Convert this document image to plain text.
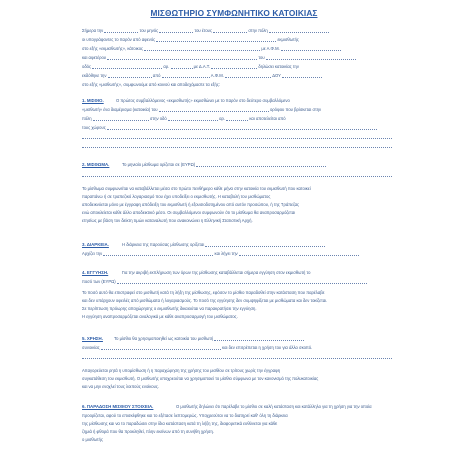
ΜΙΣΘΩΤΗΡΙΟ ΣΥΜΦΩΝΗΤΙΚΟ ΚΑΤΟΙΚΙΑΣ
Σήμερα την	του μηνός	του έτους	στην πόλη
οι υπογράφοντες το παρόν από αφενός	εκμισθωτής
στο εξής «εκμισθωτής», κάτοικος	με Α.Φ.Μ.
και αφετέρου	του
οδός	αρ.	με Δ.Α.Τ.	δηλώσει κατοικίας την
εκδόθηκε την	από	Α.Φ.Μ.	ΔΟΥ
στο εξής «μισθωτής», συμφωνούμε από κοινού και αποδεχόμαστε τα εξής:
1. ΜΙΣΘΙΟ.	Ο πρώτος συμβαλλόμενος «εκμισθωτής» εκμισθώνει με το παρόν στο δεύτερο συμβαλλόμενο
«μισθωτή» ένα διαμέρισμα (κατοικία) του	ορόφου που βρίσκεται στην
πόλη	στην οδό	αρ.	και αποτελείται από
τους χώρους
2. ΜΙΣΘΩΜΑ.	Το μηνιαίο μίσθωμα ορίζεται σε (ΕΥΡΩ)
Το μίσθωμα συμφωνείται να καταβάλλεται μέσα στο πρώτο πενθήμερο κάθε μήνα στην κατοικία του εκμισθωτή που κατοικεί
παραπάνω ή σε τραπεζικό λογαριασμό που έχει υποδείξει ο εκμισθωτής. Η καταβολή του μισθώματος
αποδεικνύεται μόνο με έγγραφη απόδειξη του εκμισθωτή ή εξουσιοδοτημένου από αυτόν προσώπου, ή της Τράπεζας
ενώ αποκλείεται κάθε άλλο αποδεικτικό μέσο. Οι συμβαλλόμενοι συμφωνούν ότι το μίσθωμα θα αναπροσαρμόζεται
ετησίως με βάση τον δείκτη τιμών καταναλωτή που ανακοινώνει η Ελληνική Στατιστική Αρχή.
3. ΔΙΑΡΚΕΙΑ.	Η διάρκεια της παρούσας μίσθωσης ορίζεται
Αρχίζει την	και λήγει την
4. ΕΓΓΥΗΣΗ.	Για την ακριβή εκπλήρωση των όρων της μίσθωσης καταβάλλεται σήμερα εγγύηση στον εκμισθωτή το
ποσό των (ΕΥΡΩ)
Το ποσό αυτό θα επιστραφεί στο μισθωτή κατά τη λήξη της μίσθωσης, εφόσον το μίσθιο παραδοθεί στην κατάσταση που παρέλαβε
και δεν υπάρχουν οφειλές από μισθώματα ή λογαριασμούς. Το ποσό της εγγύησης δεν συμψηφίζεται με μισθώματα και δεν τοκίζεται.
Σε περίπτωση πρόωρης αποχώρησης ο εκμισθωτής δικαιούται να παρακρατήσει την εγγύηση.
Η εγγύηση αναπροσαρμόζεται αναλογικά με κάθε αναπροσαρμογή του μισθώματος.
5. ΧΡΗΣΗ.	Το μίσθιο θα χρησιμοποιηθεί ως κατοικία του μισθωτή
συνοικίας	και δεν επιτρέπεται η χρήση του για άλλο σκοπό.
Απαγορεύεται ρητά η υπομίσθωση ή η παραχώρηση της χρήσης του μισθίου σε τρίτους χωρίς την έγγραφη
συγκατάθεση του εκμισθωτή. Ο μισθωτής υποχρεούται να χρησιμοποιεί το μίσθιο σύμφωνα με τον κανονισμό της πολυκατοικίας
και να μην ενοχλεί τους λοιπούς ενοίκους.
6. ΠΑΡΑΔΟΣΗ ΜΙΣΘΙΟΥ ΣΤΟΙΧΕΙΑ.	Ο μισθωτής δηλώνει ότι παρέλαβε το μίσθιο σε καλή κατάσταση και κατάλληλο για τη χρήση για την οποία
προορίζεται, αφού το επισκέφθηκε και το εξέτασε λεπτομερώς. Υποχρεούται να το διατηρεί καθ' όλη τη διάρκεια
της μίσθωσης και να το παραδώσει στην ίδια κατάσταση κατά τη λήξη της, διαφορετικά ευθύνεται για κάθε
ζημιά ή φθορά που θα προκληθεί, πλην εκείνων από τη συνήθη χρήση.
ο μισθωτής
